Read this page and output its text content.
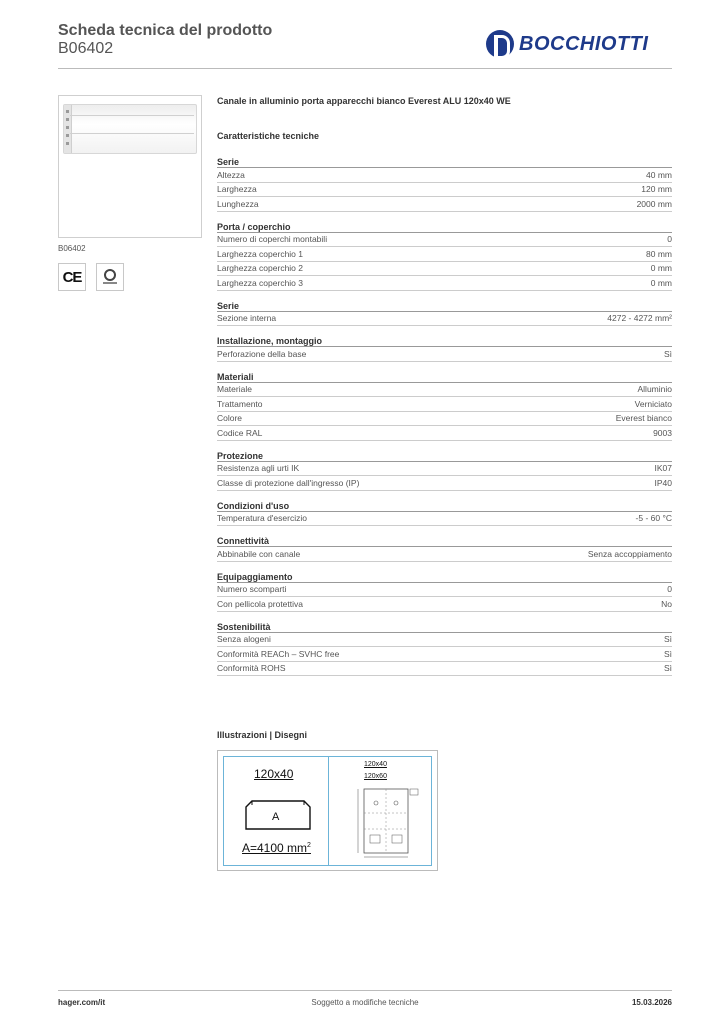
Scheda tecnica del prodotto
B06402	BOCCHIOTTI
B06402
CE
Canale in alluminio porta apparecchi bianco Everest ALU 120x40 WE
Caratteristiche tecniche
Serie
Altezza	40 mm
Larghezza	120 mm
Lunghezza	2000 mm
Porta / coperchio
Numero di coperchi montabili	0
Larghezza coperchio 1	80 mm
Larghezza coperchio 2	0 mm
Larghezza coperchio 3	0 mm
Serie
Sezione interna	4272 - 4272 mm²
Installazione, montaggio
Perforazione della base	Sì
Materiali
Materiale	Alluminio
Trattamento	Verniciato
Colore	Everest bianco
Codice RAL	9003
Protezione
Resistenza agli urti IK	IK07
Classe di protezione dall'ingresso (IP)	IP40
Condizioni d'uso
Temperatura d'esercizio	-5 - 60 °C
Connettività
Abbinabile con canale	Senza accoppiamento
Equipaggiamento
Numero scomparti	0
Con pellicola protettiva	No
Sostenibilità
Senza alogeni	Sì
Conformità REACh – SVHC free	Sì
Conformità ROHS	Sì
Illustrazioni | Disegni
120x40
A
A=4100 $mm^2$
120x40
120x60
hager.com/it	Soggetto a modifiche tecniche	15.03.2026
